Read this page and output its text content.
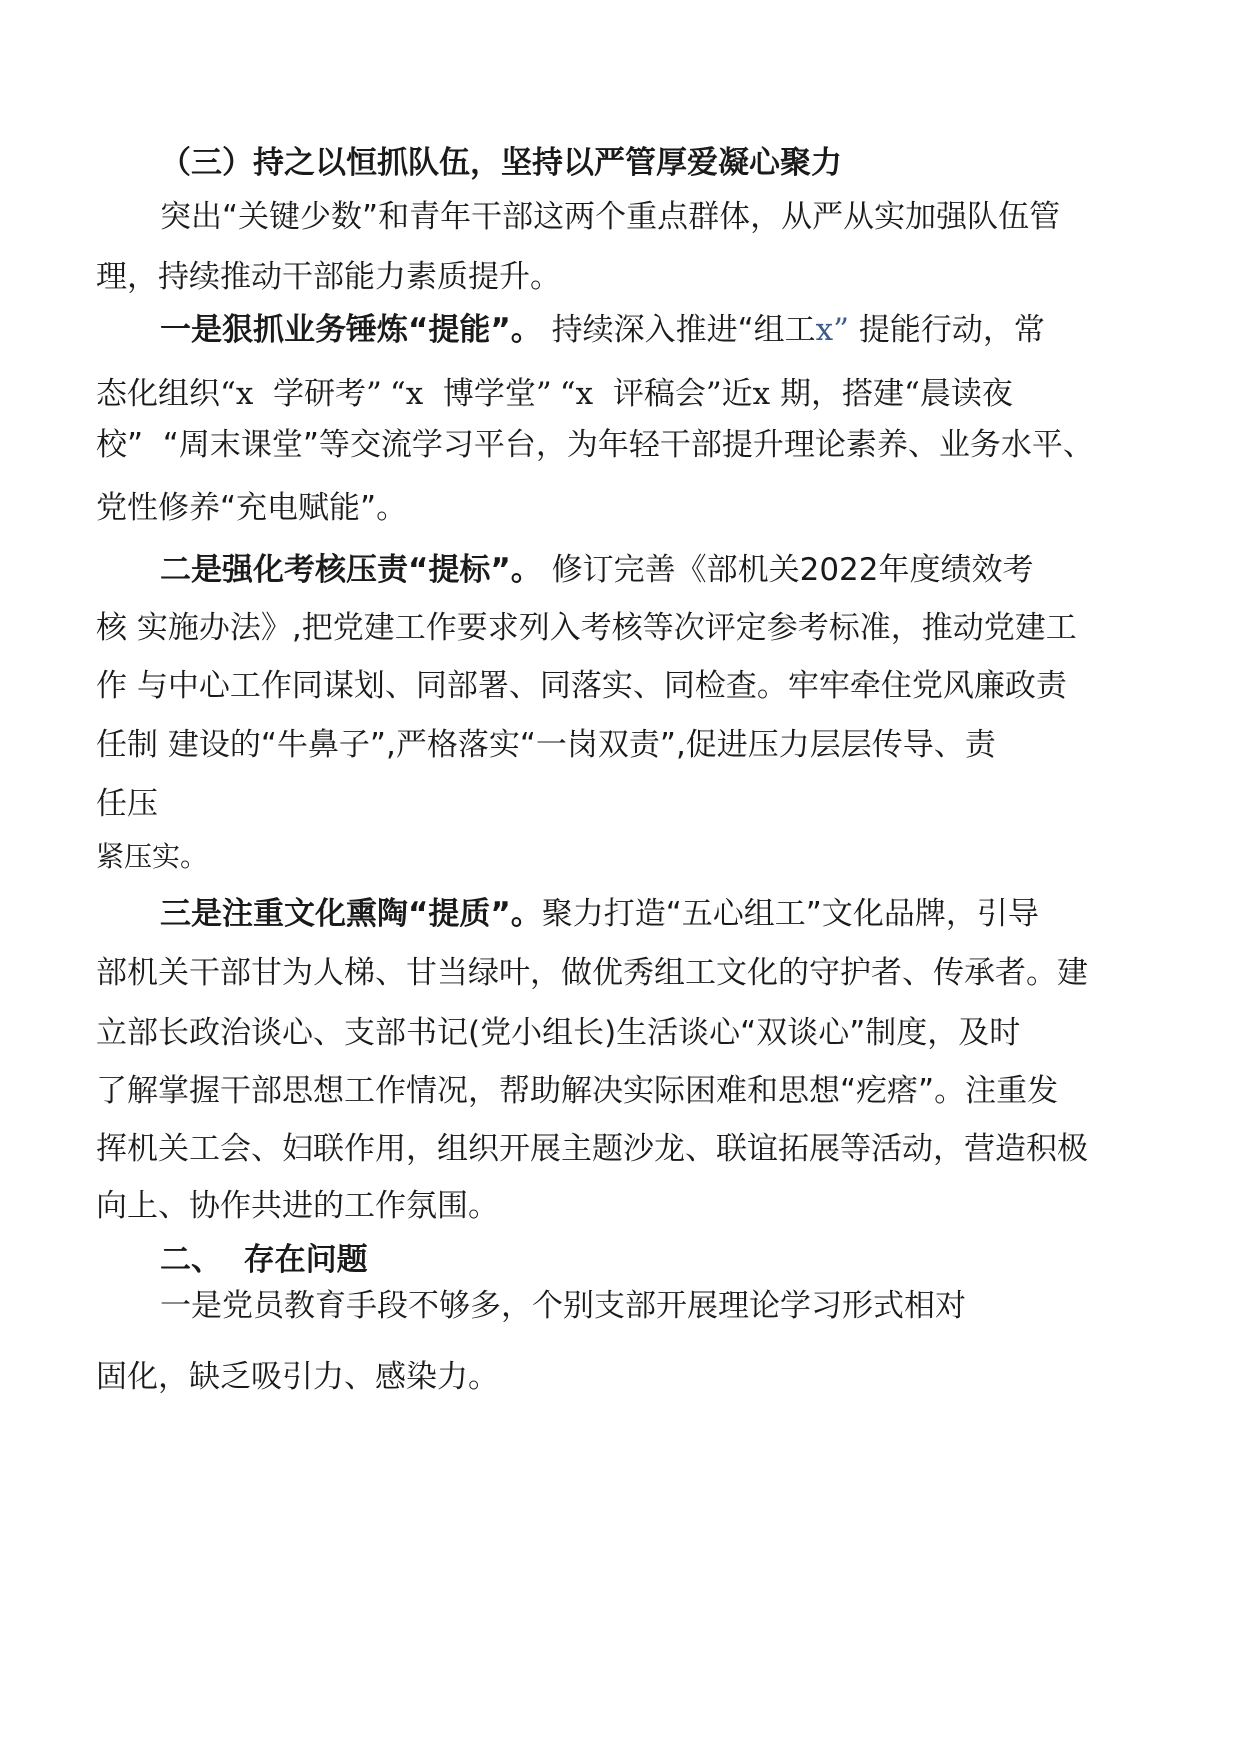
（三）持之以恒抓队伍，坚持以严管厚爱凝心聚力

突出“关键少数”和青年干部这两个重点群体，从严从实加强队伍管

理，持续推动干部能力素质提升。

一是狠抓业务锤炼“提能”。 持续深入推进“组工x” 提能行动，常

态化组织“x  学研考” “x  博学堂” “x  评稿会”近x 期，搭建“晨读夜

校”  “周末课堂”等交流学习平台，为年轻干部提升理论素养、业务水平、

党性修养“充电赋能”。

二是强化考核压责“提标”。 修订完善《部机关2022年度绩效考

核 实施办法》,把党建工作要求列入考核等次评定参考标准，推动党建工

作 与中心工作同谋划、同部署、同落实、同检查。牢牢牵住党风廉政责

任制 建设的“牛鼻子”,严格落实“一岗双责”,促进压力层层传导、责

任压

紧压实。

三是注重文化熏陶“提质”。聚力打造“五心组工”文化品牌，引导

部机关干部甘为人梯、甘当绿叶，做优秀组工文化的守护者、传承者。建

立部长政治谈心、支部书记(党小组长)生活谈心“双谈心”制度，及时

了解掌握干部思想工作情况，帮助解决实际困难和思想“疙瘩”。注重发

挥机关工会、妇联作用，组织开展主题沙龙、联谊拓展等活动，营造积极

向上、协作共进的工作氛围。

二、  存在问题

一是党员教育手段不够多，个别支部开展理论学习形式相对

固化，缺乏吸引力、感染力。
